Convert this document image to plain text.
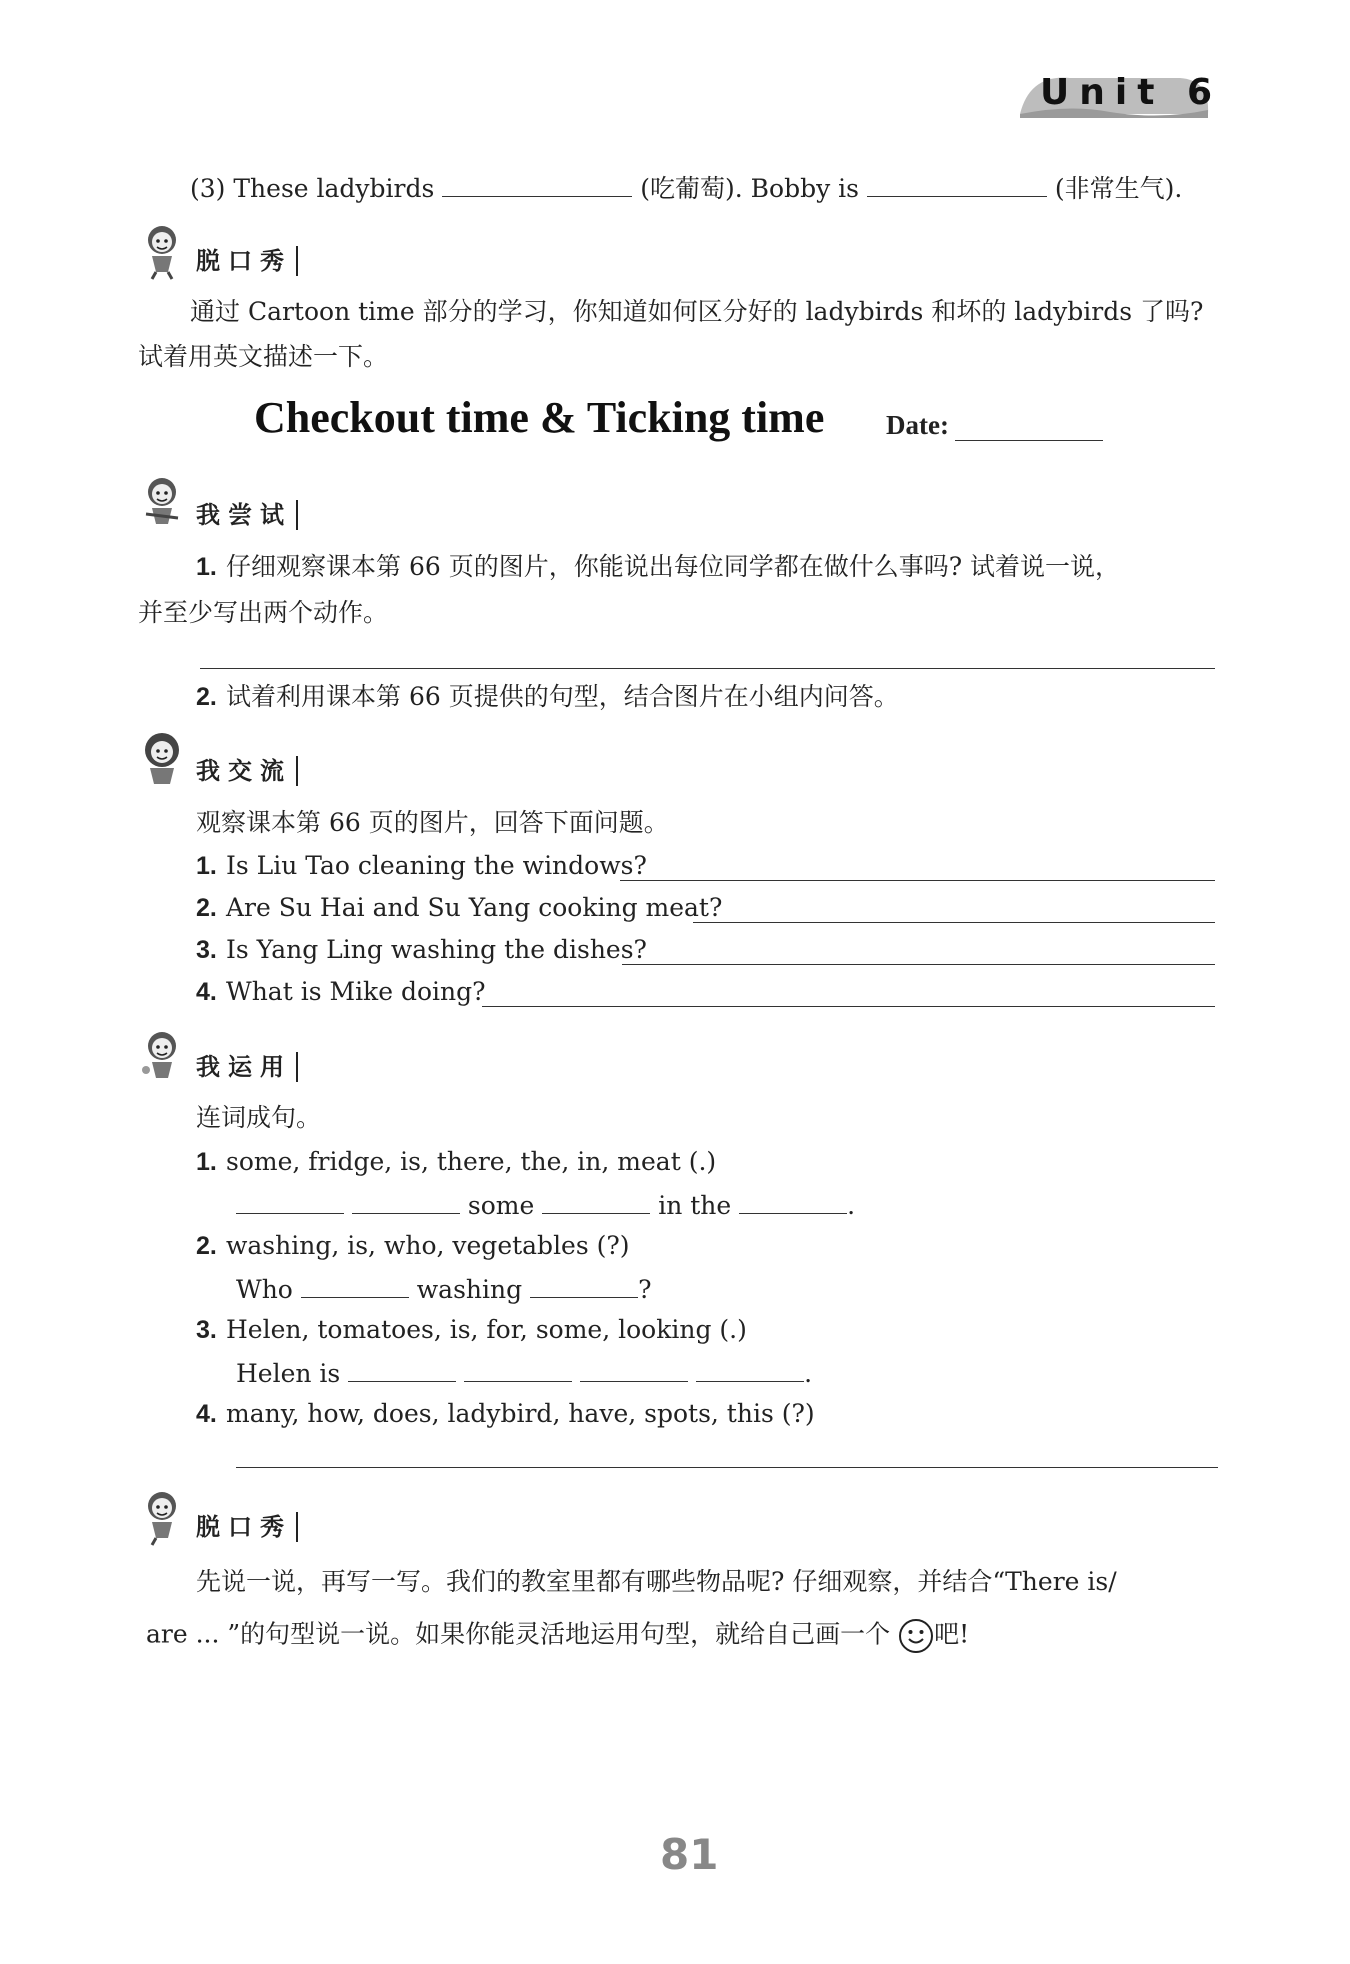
Unit 6
(3) These ladybirds	(吃葡萄). Bobby is	(非常生气).
脱口秀
通过 Cartoon time 部分的学习，你知道如何区分好的 ladybirds 和坏的 ladybirds 了吗?
试着用英文描述一下。
Checkout time & Ticking time Date:
我尝试
1. 仔细观察课本第 66 页的图片，你能说出每位同学都在做什么事吗? 试着说一说，
并至少写出两个动作。
2. 试着利用课本第 66 页提供的句型，结合图片在小组内问答。
我交流
观察课本第 66 页的图片，回答下面问题。
1. Is Liu Tao cleaning the windows?
2. Are Su Hai and Su Yang cooking meat?
3. Is Yang Ling washing the dishes?
4. What is Mike doing?
我运用
连词成句。
1. some, fridge, is, there, the, in, meat (.)
some	in the	.
2. washing, is, who, vegetables (?)
Who	washing	?
3. Helen, tomatoes, is, for, some, looking (.)
Helen is	.
4. many, how, does, ladybird, have, spots, this (?)
脱口秀
先说一说，再写一写。我们的教室里都有哪些物品呢? 仔细观察，并结合“There is/
are ... ”的句型说一说。如果你能灵活地运用句型，就给自己画一个 吧!
81
